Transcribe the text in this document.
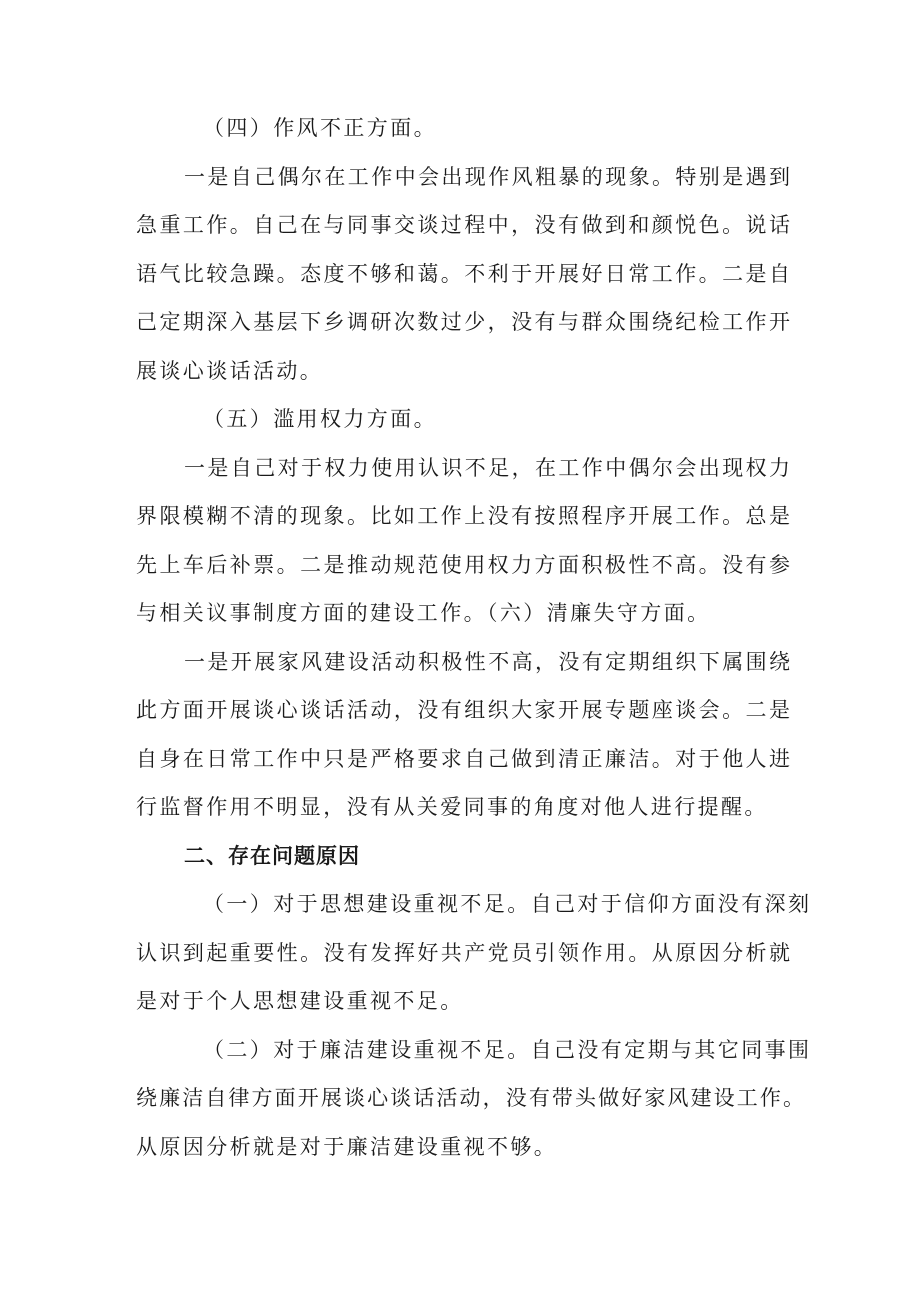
（四）作风不正方面。
一是自己偶尔在工作中会出现作风粗暴的现象。特别是遇到
急重工作。自己在与同事交谈过程中，没有做到和颜悦色。说话
语气比较急躁。态度不够和蔼。不利于开展好日常工作。二是自
己定期深入基层下乡调研次数过少，没有与群众围绕纪检工作开
展谈心谈话活动。
（五）滥用权力方面。
一是自己对于权力使用认识不足，在工作中偶尔会出现权力
界限模糊不清的现象。比如工作上没有按照程序开展工作。总是
先上车后补票。二是推动规范使用权力方面积极性不高。没有参
与相关议事制度方面的建设工作。（六）清廉失守方面。
一是开展家风建设活动积极性不高，没有定期组织下属围绕
此方面开展谈心谈话活动，没有组织大家开展专题座谈会。二是
自身在日常工作中只是严格要求自己做到清正廉洁。对于他人进
行监督作用不明显，没有从关爱同事的角度对他人进行提醒。
二、存在问题原因
（一）对于思想建设重视不足。自己对于信仰方面没有深刻
认识到起重要性。没有发挥好共产党员引领作用。从原因分析就
是对于个人思想建设重视不足。
（二）对于廉洁建设重视不足。自己没有定期与其它同事围
绕廉洁自律方面开展谈心谈话活动，没有带头做好家风建设工作。
从原因分析就是对于廉洁建设重视不够。
